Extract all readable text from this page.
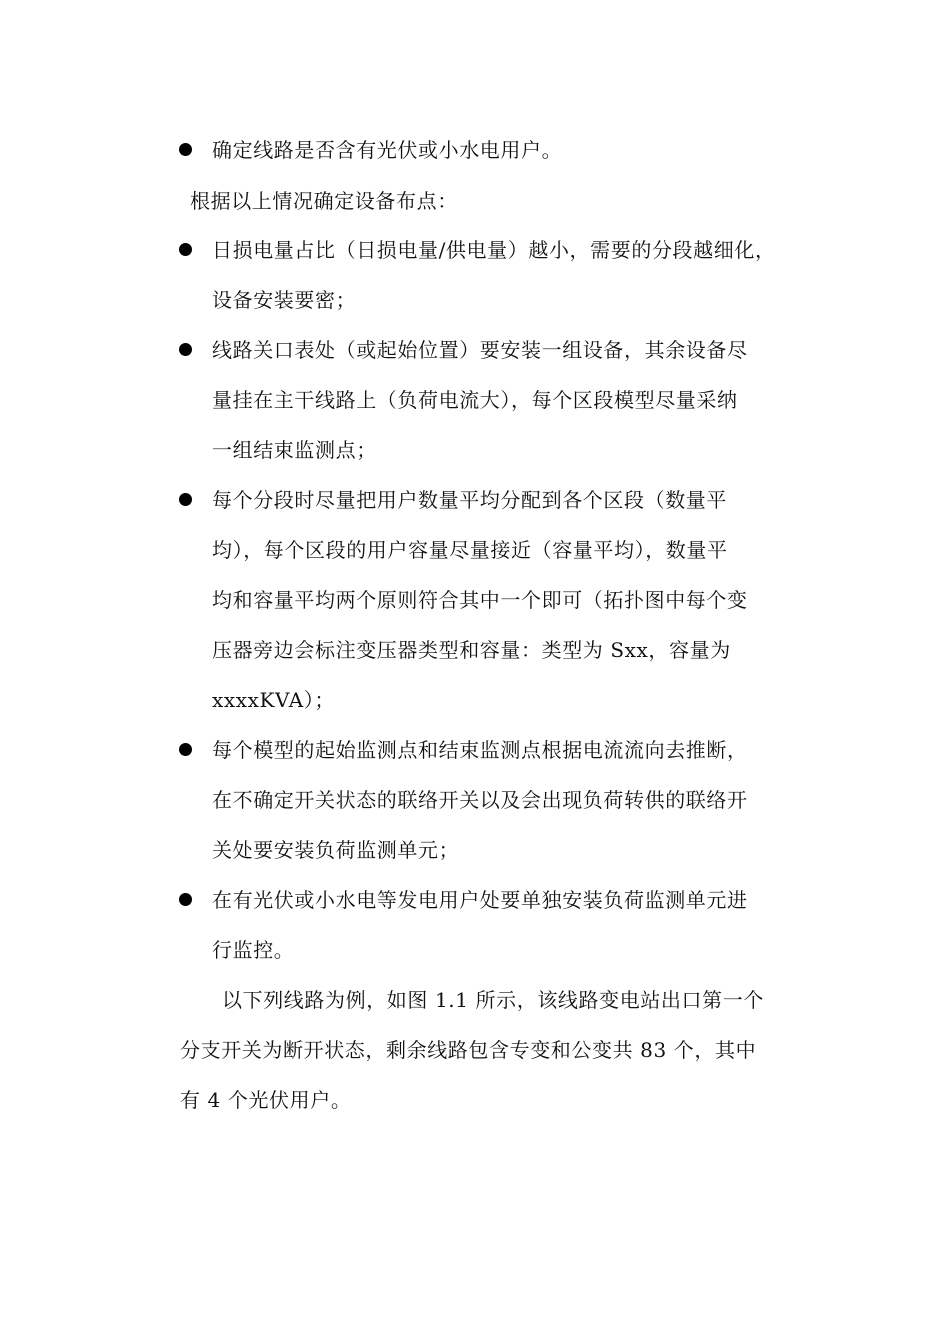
确定线路是否含有光伏或小水电用户。
根据以上情况确定设备布点：
日损电量占比（日损电量/供电量）越小，需要的分段越细化，
设备安装要密；
线路关口表处（或起始位置）要安装一组设备，其余设备尽
量挂在主干线路上（负荷电流大），每个区段模型尽量采纳
一组结束监测点；
每个分段时尽量把用户数量平均分配到各个区段（数量平
均），每个区段的用户容量尽量接近（容量平均），数量平
均和容量平均两个原则符合其中一个即可（拓扑图中每个变
压器旁边会标注变压器类型和容量：类型为 Sxx，容量为
xxxxKVA）；
每个模型的起始监测点和结束监测点根据电流流向去推断，
在不确定开关状态的联络开关以及会出现负荷转供的联络开
关处要安装负荷监测单元；
在有光伏或小水电等发电用户处要单独安装负荷监测单元进
行监控。
以下列线路为例，如图 1.1 所示，该线路变电站出口第一个
分支开关为断开状态，剩余线路包含专变和公变共 83 个，其中
有 4 个光伏用户。
